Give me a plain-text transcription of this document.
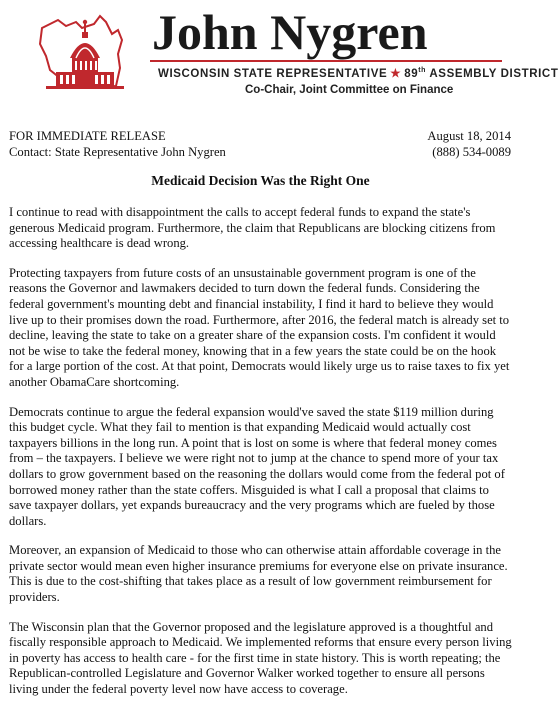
John Nygren
WISCONSIN STATE REPRESENTATIVE ★ 89th ASSEMBLY DISTRICT
Co-Chair, Joint Committee on Finance
FOR IMMEDIATE RELEASE	August 18, 2014
Contact: State Representative John Nygren	(888) 534-0089
Medicaid Decision Was the Right One

I continue to read with disappointment the calls to accept federal funds to expand the state's generous Medicaid program. Furthermore, the claim that Republicans are blocking citizens from accessing healthcare is dead wrong.

Protecting taxpayers from future costs of an unsustainable government program is one of the reasons the Governor and lawmakers decided to turn down the federal funds. Considering the federal government's mounting debt and financial instability, I find it hard to believe they would live up to their promises down the road. Furthermore, after 2016, the federal match is already set to decline, leaving the state to take on a greater share of the expansion costs. I'm confident it would not be wise to take the federal money, knowing that in a few years the state could be on the hook for a large portion of the cost. At that point, Democrats would likely urge us to raise taxes to fix yet another ObamaCare shortcoming.

Democrats continue to argue the federal expansion would've saved the state $119 million during this budget cycle. What they fail to mention is that expanding Medicaid would actually cost taxpayers billions in the long run. A point that is lost on some is where that federal money comes from – the taxpayers. I believe we were right not to jump at the chance to spend more of your tax dollars to grow government based on the reasoning the dollars would come from the federal pot of borrowed money rather than the state coffers. Misguided is what I call a proposal that claims to save taxpayer dollars, yet expands bureaucracy and the very programs which are fueled by those dollars.

Moreover, an expansion of Medicaid to those who can otherwise attain affordable coverage in the private sector would mean even higher insurance premiums for everyone else on private insurance. This is due to the cost-shifting that takes place as a result of low government reimbursement for providers.

The Wisconsin plan that the Governor proposed and the legislature approved is a thoughtful and fiscally responsible approach to Medicaid. We implemented reforms that ensure every person living in poverty has access to health care - for the first time in state history. This is worth repeating; the Republican-controlled Legislature and Governor Walker worked together to ensure all persons living under the federal poverty level now have access to coverage.
